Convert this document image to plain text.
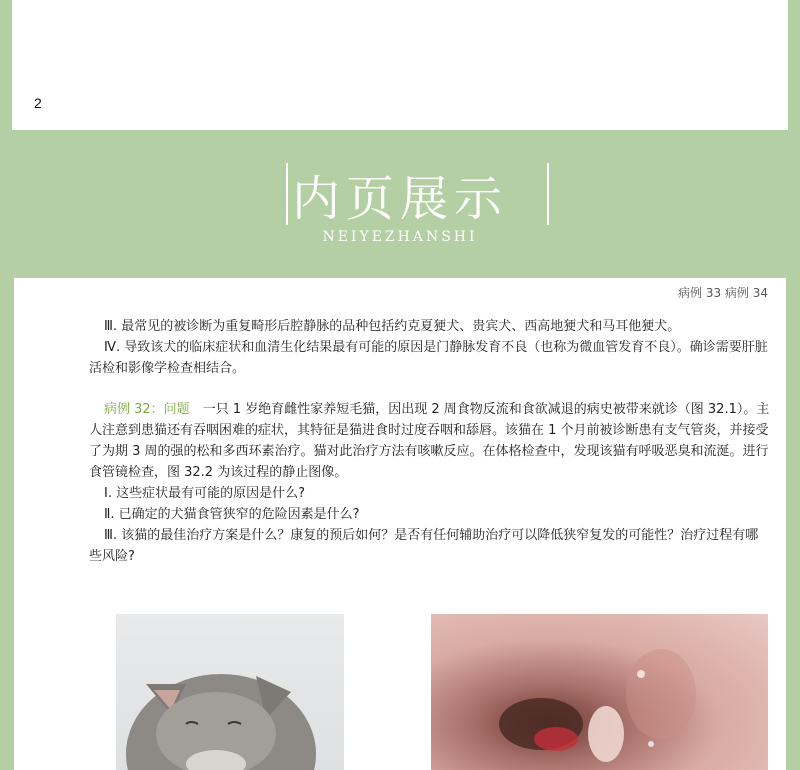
2
内页展示
NEIYEZHANSHI
病例 33 病例 34

Ⅲ. 最常见的被诊断为重复畸形后腔静脉的品种包括约克夏㹴犬、贵宾犬、西高地㹴犬和马耳他㹴犬。

Ⅳ. 导致该犬的临床症状和血清生化结果最有可能的原因是门静脉发育不良（也称为微血管发育不良）。确诊需要肝脏活检和影像学检查相结合。

病例 32：问题　 一只 1 岁绝育雌性家养短毛猫，因出现 2 周食物反流和食欲减退的病史被带来就诊（图 32.1）。主人注意到患猫还有吞咽困难的症状，其特征是猫进食时过度吞咽和舔唇。该猫在 1 个月前被诊断患有支气管炎，并接受了为期 3 周的强的松和多西环素治疗。猫对此治疗方法有咳嗽反应。在体格检查中，发现该猫有呼吸恶臭和流涎。进行食管镜检查，图 32.2 为该过程的静止图像。

Ⅰ. 这些症状最有可能的原因是什么?

Ⅱ. 已确定的犬猫食管狭窄的危险因素是什么?

Ⅲ. 该猫的最佳治疗方案是什么？康复的预后如何？是否有任何辅助治疗可以降低狭窄复发的可能性？治疗过程有哪些风险?
